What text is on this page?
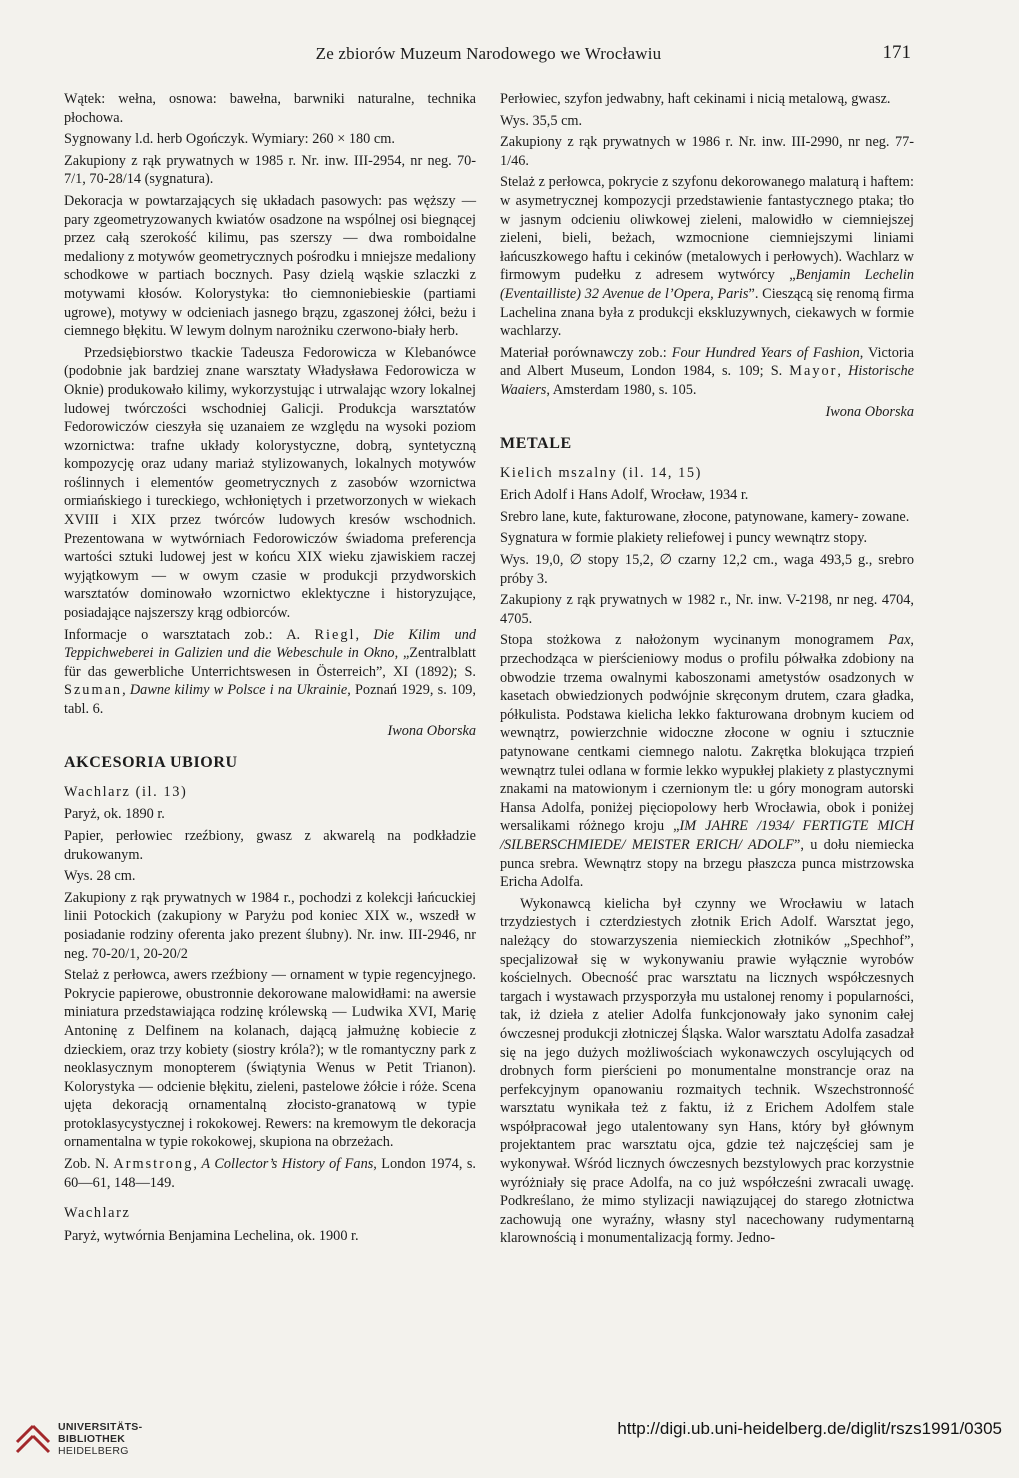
Ze zbiorów Muzeum Narodowego we Wrocławiu	171

Wątek: wełna, osnowa: bawełna, barwniki naturalne, technika płochowa.

Sygnowany l.d. herb Ogończyk. Wymiary: 260 × 180 cm.

Zakupiony z rąk prywatnych w 1985 r. Nr. inw. III-2954, nr neg. 70-7/1, 70-28/14 (sygnatura).

Dekoracja w powtarzających się układach pasowych: pas węższy — pary zgeometryzowanych kwiatów osadzone na wspólnej osi biegnącej przez całą szerokość kilimu, pas szerszy — dwa romboidalne medaliony z motywów geometrycznych pośrodku i mniejsze medaliony schodkowe w partiach bocznych. Pasy dzielą wąskie szlaczki z motywami kłosów. Kolorystyka: tło ciemnoniebieskie (partiami ugrowe), motywy w odcieniach jasnego brązu, zgaszonej żółci, beżu i ciemnego błękitu. W lewym dolnym narożniku czerwono-biały herb.

Przedsiębiorstwo tkackie Tadeusza Fedorowicza w Klebanówce (podobnie jak bardziej znane warsztaty Władysława Fedorowicza w Oknie) produkowało kilimy, wykorzystując i utrwalając wzory lokalnej ludowej twórczości wschodniej Galicji. Produkcja warsztatów Fedorowiczów cieszyła się uzanaiem ze względu na wysoki poziom wzornictwa: trafne układy kolorystyczne, dobrą, syntetyczną kompozycję oraz udany mariaż stylizowanych, lokalnych motywów roślinnych i elementów geometrycznych z zasobów wzornictwa ormiańskiego i tureckiego, wchłoniętych i przetworzonych w wiekach XVIII i XIX przez twórców ludowych kresów wschodnich. Prezentowana w wytwórniach Fedorowiczów świadoma preferencja wartości sztuki ludowej jest w końcu XIX wieku zjawiskiem raczej wyjątkowym — w owym czasie w produkcji przydworskich warsztatów dominowało wzornictwo eklektyczne i historyzujące, posiadające najszerszy krąg odbiorców.

Informacje o warsztatach zob.: A. Riegl, Die Kilim und Teppichweberei in Galizien und die Webeschule in Okno, „Zentralblatt für das gewerbliche Unterrichtswesen in Österreich”, XI (1892); S. Szuman, Dawne kilimy w Polsce i na Ukrainie, Poznań 1929, s. 109, tabl. 6.

Iwona Oborska

AKCESORIA UBIORU

Wachlarz (il. 13)

Paryż, ok. 1890 r.

Papier, perłowiec rzeźbiony, gwasz z akwarelą na podkładzie drukowanym.

Wys. 28 cm.

Zakupiony z rąk prywatnych w 1984 r., pochodzi z kolekcji łańcuckiej linii Potockich (zakupiony w Paryżu pod koniec XIX w., wszedł w posiadanie rodziny oferenta jako prezent ślubny). Nr. inw. III-2946, nr neg. 70-20/1, 20-20/2

Stelaż z perłowca, awers rzeźbiony — ornament w typie regencyjnego. Pokrycie papierowe, obustronnie dekorowane malowidłami: na awersie miniatura przedstawiająca rodzinę królewską — Ludwika XVI, Marię Antoninę z Delfinem na kolanach, dającą jałmużnę kobiecie z dzieckiem, oraz trzy kobiety (siostry króla?); w tle romantyczny park z neoklasycznym monopterem (świątynia Wenus w Petit Trianon). Kolorystyka — odcienie błękitu, zieleni, pastelowe żółcie i róże. Scena ujęta dekoracją ornamentalną złocisto-granatową w typie protoklasycystycznej i rokokowej. Rewers: na kremowym tle dekoracja ornamentalna w typie rokokowej, skupiona na obrzeżach.

Zob. N. Armstrong, A Collector’s History of Fans, London 1974, s. 60—61, 148—149.

Wachlarz

Paryż, wytwórnia Benjamina Lechelina, ok. 1900 r.

Perłowiec, szyfon jedwabny, haft cekinami i nicią metalową, gwasz.

Wys. 35,5 cm.

Zakupiony z rąk prywatnych w 1986 r. Nr. inw. III-2990, nr neg. 77-1/46.

Stelaż z perłowca, pokrycie z szyfonu dekorowanego malaturą i haftem: w asymetrycznej kompozycji przedstawienie fantastycznego ptaka; tło w jasnym odcieniu oliwkowej zieleni, malowidło w ciemniejszej zieleni, bieli, beżach, wzmocnione ciemniejszymi liniami łańcuszkowego haftu i cekinów (metalowych i perłowych). Wachlarz w firmowym pudełku z adresem wytwórcy „Benjamin Lechelin (Eventailliste) 32 Avenue de l’Opera, Paris”. Cieszącą się renomą firma Lachelina znana była z produkcji ekskluzywnych, ciekawych w formie wachlarzy.

Materiał porównawczy zob.: Four Hundred Years of Fashion, Victoria and Albert Museum, London 1984, s. 109; S. Mayor, Historische Waaiers, Amsterdam 1980, s. 105.

Iwona Oborska

METALE

Kielich mszalny (il. 14, 15)

Erich Adolf i Hans Adolf, Wrocław, 1934 r.

Srebro lane, kute, fakturowane, złocone, patynowane, kamery- zowane.

Sygnatura w formie plakiety reliefowej i puncy wewnątrz stopy.

Wys. 19,0, ∅ stopy 15,2, ∅ czarny 12,2 cm., waga 493,5 g., srebro próby 3.

Zakupiony z rąk prywatnych w 1982 r., Nr. inw. V-2198, nr neg. 4704, 4705.

Stopa stożkowa z nałożonym wycinanym monogramem Pax, przechodząca w pierścieniowy modus o profilu półwałka zdobiony na obwodzie trzema owalnymi kaboszonami ametystów osadzonych w kasetach obwiedzionych podwójnie skręconym drutem, czara gładka, półkulista. Podstawa kielicha lekko fakturowana drobnym kuciem od wewnątrz, powierzchnie widoczne złocone w ogniu i sztucznie patynowane centkami ciemnego nalotu. Zakrętka blokująca trzpień wewnątrz tulei odlana w formie lekko wypukłej plakiety z plastycznymi znakami na matowionym i czernionym tle: u góry monogram autorski Hansa Adolfa, poniżej pięciopolowy herb Wrocławia, obok i poniżej wersalikami różnego kroju „IM JAHRE /1934/ FERTIGTE MICH /SILBERSCHMIEDE/ MEISTER ERICH/ ADOLF”, u dołu niemiecka punca srebra. Wewnątrz stopy na brzegu płaszcza punca mistrzowska Ericha Adolfa.

Wykonawcą kielicha był czynny we Wrocławiu w latach trzydziestych i czterdziestych złotnik Erich Adolf. Warsztat jego, należący do stowarzyszenia niemieckich złotników „Spechhof”, specjalizował się w wykonywaniu prawie wyłącznie wyrobów kościelnych. Obecność prac warsztatu na licznych współczesnych targach i wystawach przysporzyła mu ustalonej renomy i popularności, tak, iż dzieła z atelier Adolfa funkcjonowały jako synonim całej ówczesnej produkcji złotniczej Śląska. Walor warsztatu Adolfa zasadzał się na jego dużych możliwościach wykonawczych oscylujących od drobnych form pierścieni po monumentalne monstrancje oraz na perfekcyjnym opanowaniu rozmaitych technik. Wszechstronność warsztatu wynikała też z faktu, iż z Erichem Adolfem stale współpracował jego utalentowany syn Hans, który był głównym projektantem prac warsztatu ojca, gdzie też najczęściej sam je wykonywał. Wśród licznych ówczesnych bezstylowych prac korzystnie wyróżniały się prace Adolfa, na co już współcześni zwracali uwagę. Podkreślano, że mimo stylizacji nawiązującej do starego złotnictwa zachowują one wyraźny, własny styl nacechowany rudymentarną klarownością i monumentalizacją formy. Jedno-

UNIVERSITÄTS-
BIBLIOTHEK
HEIDELBERG
http://digi.ub.uni-heidelberg.de/diglit/rszs1991/0305
